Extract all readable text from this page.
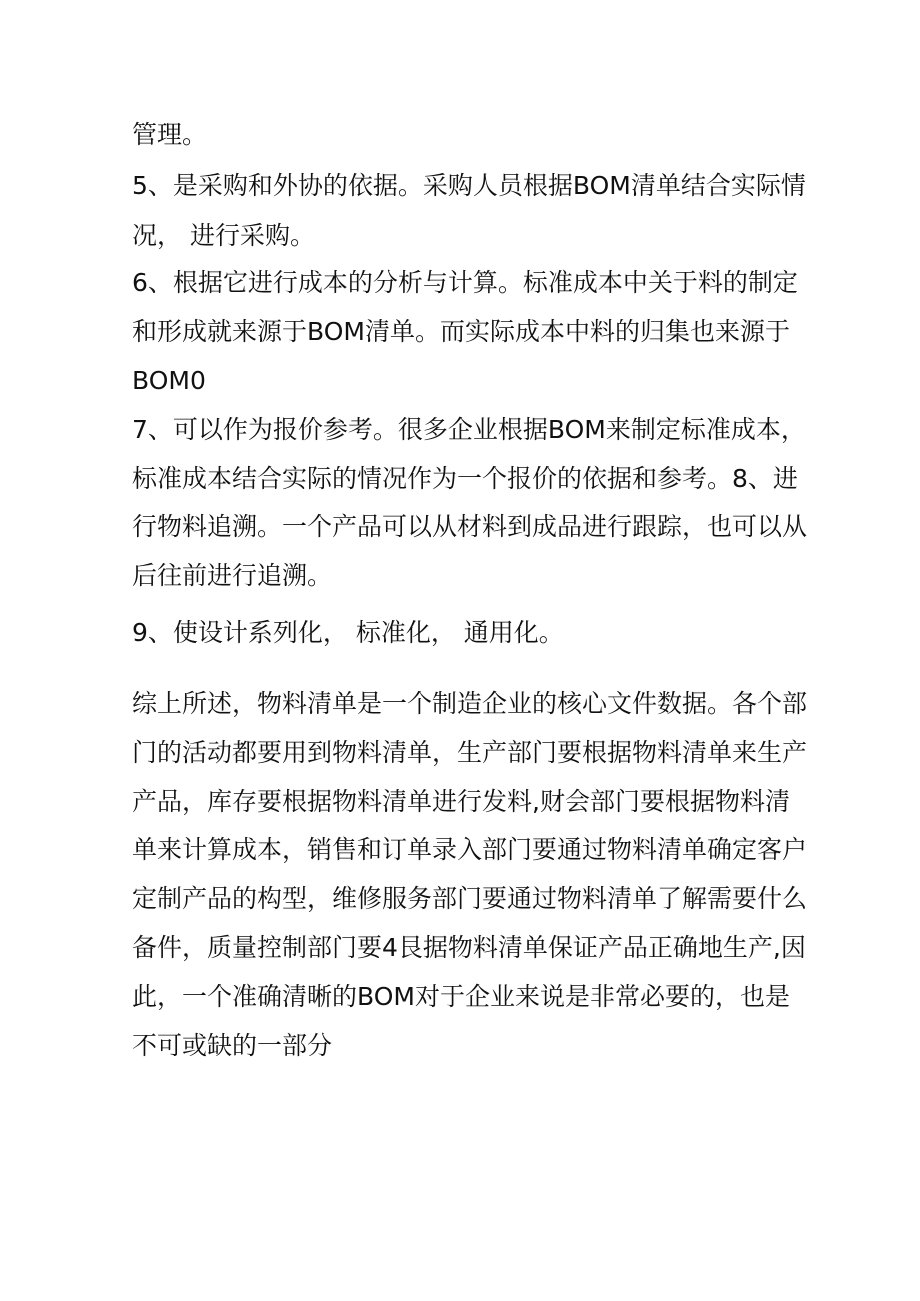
管理。

5、是采购和外协的依据。采购人员根据BOM清单结合实际情

况， 进行采购。

6、根据它进行成本的分析与计算。标准成本中关于料的制定

和形成就来源于BOM清单。而实际成本中料的归集也来源于

BOM0

7、可以作为报价参考。很多企业根据BOM来制定标准成本，

标准成本结合实际的情况作为一个报价的依据和参考。8、进

行物料追溯。一个产品可以从材料到成品进行跟踪，也可以从

后往前进行追溯。

9、使设计系列化， 标准化， 通用化。

综上所述，物料清单是一个制造企业的核心文件数据。各个部

门的活动都要用到物料清单，生产部门要根据物料清单来生产

产品，库存要根据物料清单进行发料,财会部门要根据物料清

单来计算成本，销售和订单录入部门要通过物料清单确定客户

定制产品的构型，维修服务部门要通过物料清单了解需要什么

备件，质量控制部门要4艮据物料清单保证产品正确地生产,因

此，一个准确清晰的BOM对于企业来说是非常必要的，也是

不可或缺的一部分
